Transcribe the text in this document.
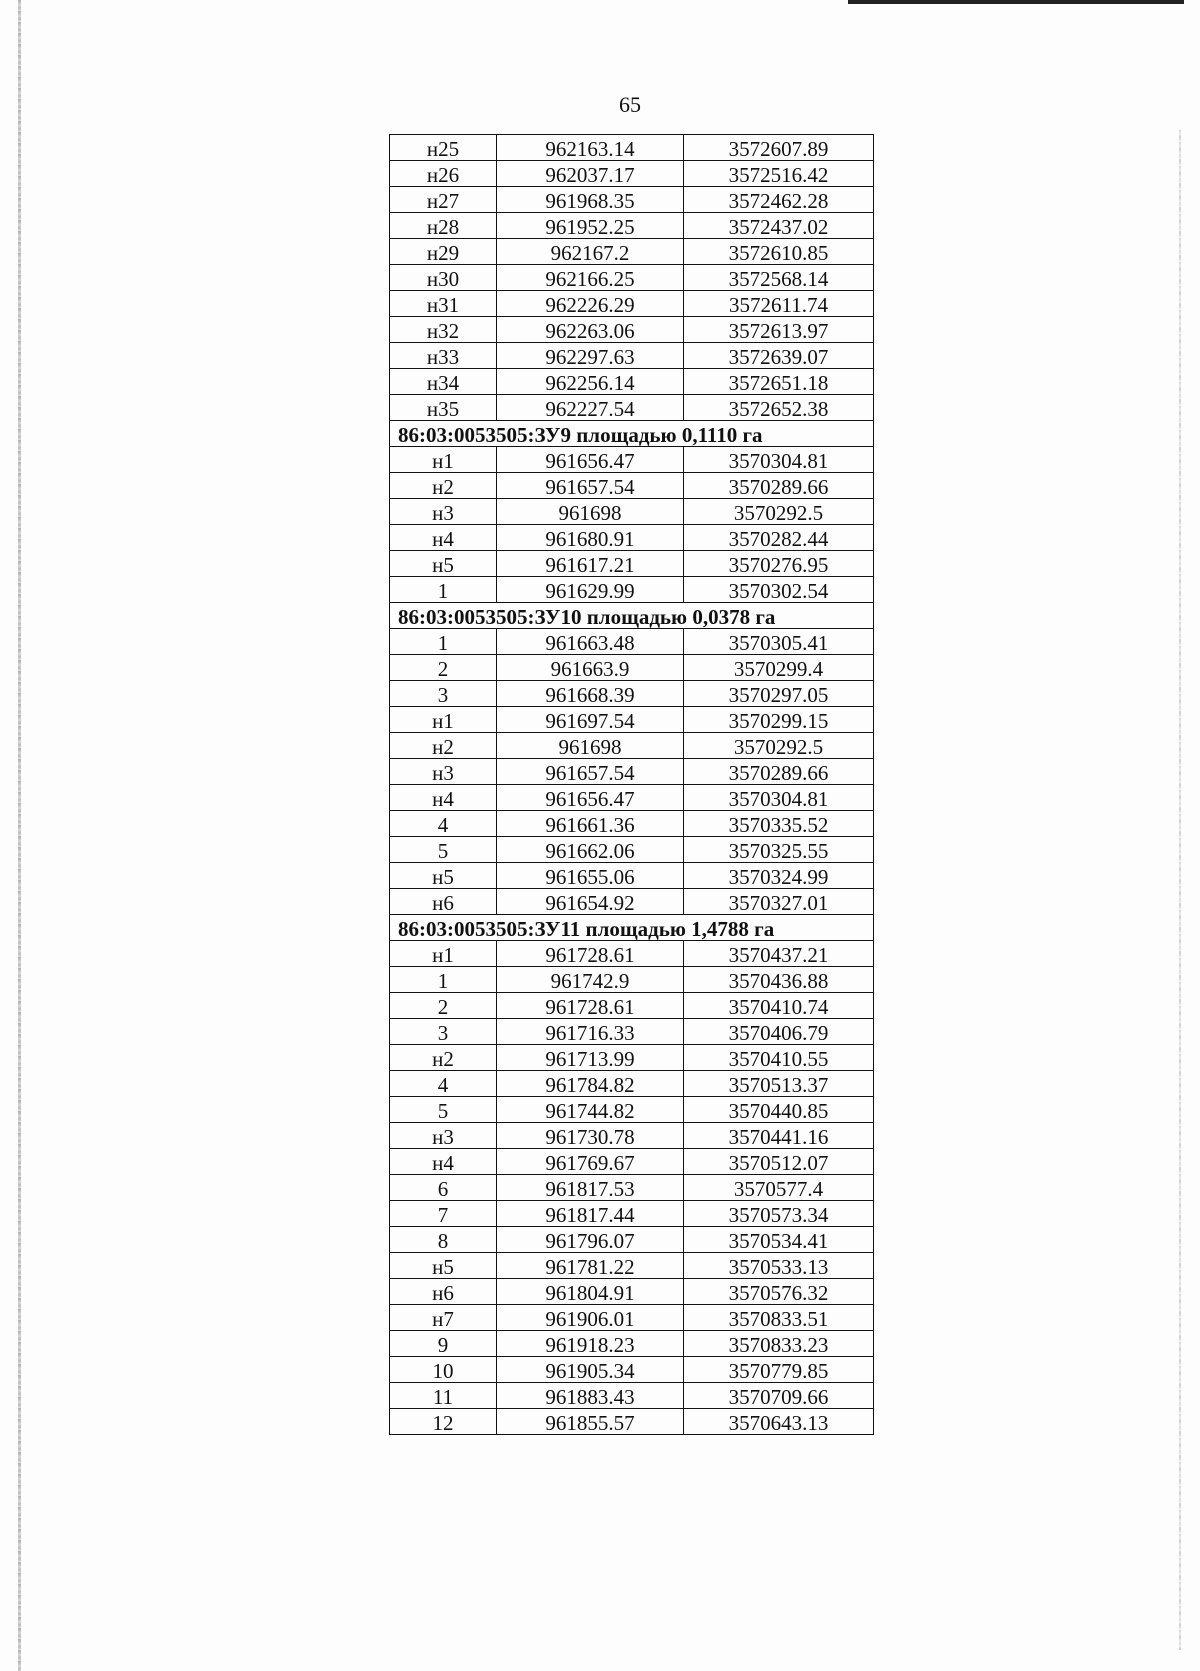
65
н25	962163.14	3572607.89
н26	962037.17	3572516.42
н27	961968.35	3572462.28
н28	961952.25	3572437.02
н29	962167.2	3572610.85
н30	962166.25	3572568.14
н31	962226.29	3572611.74
н32	962263.06	3572613.97
н33	962297.63	3572639.07
н34	962256.14	3572651.18
н35	962227.54	3572652.38
86:03:0053505:ЗУ9 площадью 0,1110 га		
н1	961656.47	3570304.81
н2	961657.54	3570289.66
н3	961698	3570292.5
н4	961680.91	3570282.44
н5	961617.21	3570276.95
1	961629.99	3570302.54
86:03:0053505:ЗУ10 площадью 0,0378 га		
1	961663.48	3570305.41
2	961663.9	3570299.4
3	961668.39	3570297.05
н1	961697.54	3570299.15
н2	961698	3570292.5
н3	961657.54	3570289.66
н4	961656.47	3570304.81
4	961661.36	3570335.52
5	961662.06	3570325.55
н5	961655.06	3570324.99
н6	961654.92	3570327.01
86:03:0053505:ЗУ11 площадью 1,4788 га		
н1	961728.61	3570437.21
1	961742.9	3570436.88
2	961728.61	3570410.74
3	961716.33	3570406.79
н2	961713.99	3570410.55
4	961784.82	3570513.37
5	961744.82	3570440.85
н3	961730.78	3570441.16
н4	961769.67	3570512.07
6	961817.53	3570577.4
7	961817.44	3570573.34
8	961796.07	3570534.41
н5	961781.22	3570533.13
н6	961804.91	3570576.32
н7	961906.01	3570833.51
9	961918.23	3570833.23
10	961905.34	3570779.85
11	961883.43	3570709.66
12	961855.57	3570643.13
